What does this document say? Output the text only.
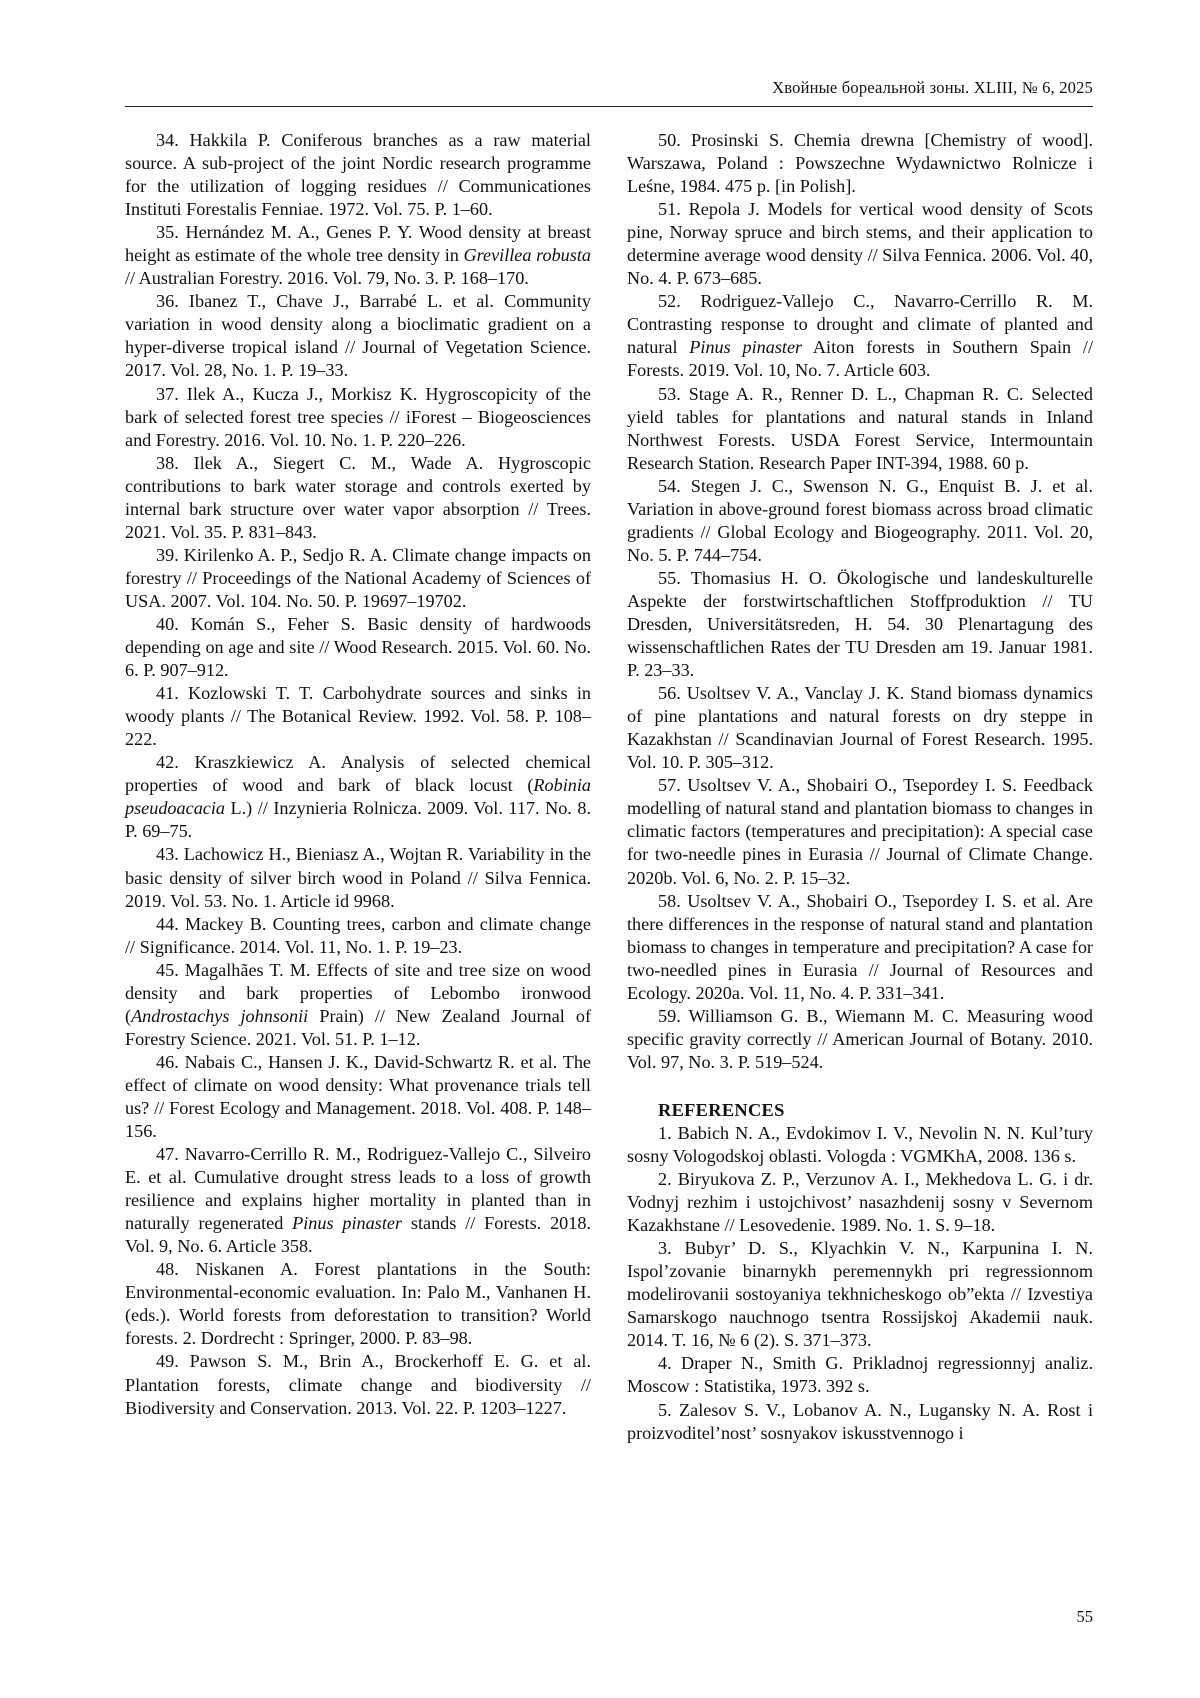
Хвойные бореальной зоны. XLIII, № 6, 2025

34. Hakkila P. Coniferous branches as a raw material source. A sub-project of the joint Nordic research programme for the utilization of logging residues // Communicationes Instituti Forestalis Fenniae. 1972. Vol. 75. P. 1–60.

35. Hernández M. A., Genes P. Y. Wood density at breast height as estimate of the whole tree density in Grevillea robusta // Australian Forestry. 2016. Vol. 79, No. 3. P. 168–170.

36. Ibanez T., Chave J., Barrabé L. et al. Community variation in wood density along a bioclimatic gradient on a hyper-diverse tropical island // Journal of Vegetation Science. 2017. Vol. 28, No. 1. P. 19–33.

37. Ilek A., Kucza J., Morkisz K. Hygroscopicity of the bark of selected forest tree species // iForest – Biogeosciences and Forestry. 2016. Vol. 10. No. 1. P. 220–226.

38. Ilek A., Siegert C. M., Wade A. Hygroscopic contributions to bark water storage and controls exerted by internal bark structure over water vapor absorption // Trees. 2021. Vol. 35. P. 831–843.

39. Kirilenko A. P., Sedjo R. A. Climate change impacts on forestry // Proceedings of the National Academy of Sciences of USA. 2007. Vol. 104. No. 50. P. 19697–19702.

40. Komán S., Feher S. Basic density of hardwoods depending on age and site // Wood Research. 2015. Vol. 60. No. 6. P. 907–912.

41. Kozlowski T. T. Carbohydrate sources and sinks in woody plants // The Botanical Review. 1992. Vol. 58. P. 108–222.

42. Kraszkiewicz A. Analysis of selected chemical properties of wood and bark of black locust (Robinia pseudoacacia L.) // Inzynieria Rolnicza. 2009. Vol. 117. No. 8. P. 69–75.

43. Lachowicz H., Bieniasz A., Wojtan R. Variability in the basic density of silver birch wood in Poland // Silva Fennica. 2019. Vol. 53. No. 1. Article id 9968.

44. Mackey B. Counting trees, carbon and climate change // Significance. 2014. Vol. 11, No. 1. P. 19–23.

45. Magalhães T. M. Effects of site and tree size on wood density and bark properties of Lebombo ironwood (Androstachys johnsonii Prain) // New Zealand Journal of Forestry Science. 2021. Vol. 51. P. 1–12.

46. Nabais C., Hansen J. K., David-Schwartz R. et al. The effect of climate on wood density: What provenance trials tell us? // Forest Ecology and Management. 2018. Vol. 408. P. 148–156.

47. Navarro-Cerrillo R. M., Rodriguez-Vallejo C., Silveiro E. et al. Cumulative drought stress leads to a loss of growth resilience and explains higher mortality in planted than in naturally regenerated Pinus pinaster stands // Forests. 2018. Vol. 9, No. 6. Article 358.

48. Niskanen A. Forest plantations in the South: Environmental-economic evaluation. In: Palo M., Vanhanen H. (eds.). World forests from deforestation to transition? World forests. 2. Dordrecht : Springer, 2000. P. 83–98.

49. Pawson S. M., Brin A., Brockerhoff E. G. et al. Plantation forests, climate change and biodiversity // Biodiversity and Conservation. 2013. Vol. 22. P. 1203–1227.

50. Prosinski S. Chemia drewna [Chemistry of wood]. Warszawa, Poland : Powszechne Wydawnictwo Rolnicze i Leśne, 1984. 475 p. [in Polish].

51. Repola J. Models for vertical wood density of Scots pine, Norway spruce and birch stems, and their application to determine average wood density // Silva Fennica. 2006. Vol. 40, No. 4. P. 673–685.

52. Rodriguez-Vallejo C., Navarro-Cerrillo R. M. Contrasting response to drought and climate of planted and natural Pinus pinaster Aiton forests in Southern Spain // Forests. 2019. Vol. 10, No. 7. Article 603.

53. Stage A. R., Renner D. L., Chapman R. C. Selected yield tables for plantations and natural stands in Inland Northwest Forests. USDA Forest Service, Intermountain Research Station. Research Paper INT-394, 1988. 60 p.

54. Stegen J. C., Swenson N. G., Enquist B. J. et al. Variation in above-ground forest biomass across broad climatic gradients // Global Ecology and Biogeography. 2011. Vol. 20, No. 5. P. 744–754.

55. Thomasius H. O. Ökologische und landeskulturelle Aspekte der forstwirtschaftlichen Stoffproduktion // TU Dresden, Universitätsreden, H. 54. 30 Plenartagung des wissenschaftlichen Rates der TU Dresden am 19. Januar 1981. P. 23–33.

56. Usoltsev V. A., Vanclay J. K. Stand biomass dynamics of pine plantations and natural forests on dry steppe in Kazakhstan // Scandinavian Journal of Forest Research. 1995. Vol. 10. P. 305–312.

57. Usoltsev V. A., Shobairi O., Tsepordey I. S. Feedback modelling of natural stand and plantation biomass to changes in climatic factors (temperatures and precipitation): A special case for two-needle pines in Eurasia // Journal of Climate Change. 2020b. Vol. 6, No. 2. P. 15–32.

58. Usoltsev V. A., Shobairi O., Tsepordey I. S. et al. Are there differences in the response of natural stand and plantation biomass to changes in temperature and precipitation? A case for two-needled pines in Eurasia // Journal of Resources and Ecology. 2020a. Vol. 11, No. 4. P. 331–341.

59. Williamson G. B., Wiemann M. C. Measuring wood specific gravity correctly // American Journal of Botany. 2010. Vol. 97, No. 3. P. 519–524.

REFERENCES

1. Babich N. A., Evdokimov I. V., Nevolin N. N. Kul’tury sosny Vologodskoj oblasti. Vologda : VGMKhA, 2008. 136 s.

2. Biryukova Z. P., Verzunov A. I., Mekhedova L. G. i dr. Vodnyj rezhim i ustojchivost’ nasazhdenij sosny v Severnom Kazakhstane // Lesovedenie. 1989. No. 1. S. 9–18.

3. Bubyr’ D. S., Klyachkin V. N., Karpunina I. N. Ispol’zovanie binarnykh peremennykh pri regressionnom modelirovanii sostoyaniya tekhnicheskogo ob”ekta // Izvestiya Samarskogo nauchnogo tsentra Rossijskoj Akademii nauk. 2014. T. 16, № 6 (2). S. 371–373.

4. Draper N., Smith G. Prikladnoj regressionnyj analiz. Moscow : Statistika, 1973. 392 s.

5. Zalesov S. V., Lobanov A. N., Lugansky N. A. Rost i proizvoditel’nost’ sosnyakov iskusstvennogo i

55
